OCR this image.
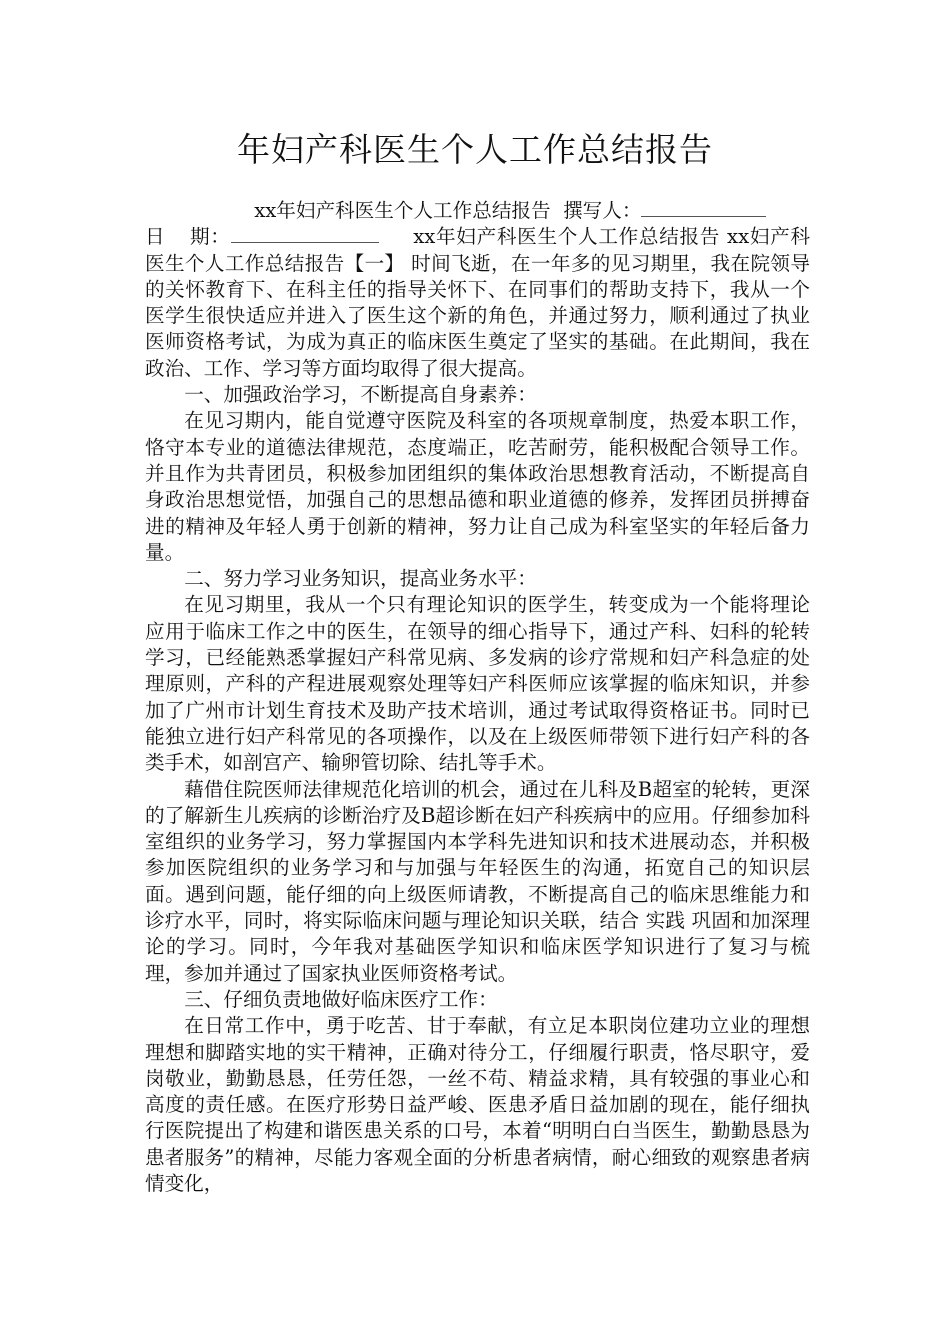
年妇产科医生个人工作总结报告

xx年妇产科医生个人工作总结报告 撰写人：
日 期：	xx年妇产科医生个人工作总结报告 xx妇产科医生个人工作总结报告【一】 时间飞逝，在一年多的见习期里，我在院领导的关怀教育下、在科主任的指导关怀下、在同事们的帮助支持下，我从一个医学生很快适应并进入了医生这个新的角色，并通过努力，顺利通过了执业医师资格考试，为成为真正的临床医生奠定了坚实的基础。在此期间，我在政治、工作、学习等方面均取得了很大提高。

一、加强政治学习，不断提高自身素养：

在见习期内，能自觉遵守医院及科室的各项规章制度，热爱本职工作，恪守本专业的道德法律规范，态度端正，吃苦耐劳，能积极配合领导工作。并且作为共青团员，积极参加团组织的集体政治思想教育活动，不断提高自身政治思想觉悟，加强自己的思想品德和职业道德的修养，发挥团员拼搏奋进的精神及年轻人勇于创新的精神，努力让自己成为科室坚实的年轻后备力量。

二、努力学习业务知识，提高业务水平：

在见习期里，我从一个只有理论知识的医学生，转变成为一个能将理论应用于临床工作之中的医生，在领导的细心指导下，通过产科、妇科的轮转学习，已经能熟悉掌握妇产科常见病、多发病的诊疗常规和妇产科急症的处理原则，产科的产程进展观察处理等妇产科医师应该掌握的临床知识，并参加了广州市计划生育技术及助产技术培训，通过考试取得资格证书。同时已能独立进行妇产科常见的各项操作，以及在上级医师带领下进行妇产科的各类手术，如剖宫产、输卵管切除、结扎等手术。

藉借住院医师法律规范化培训的机会，通过在儿科及B超室的轮转，更深的了解新生儿疾病的诊断治疗及B超诊断在妇产科疾病中的应用。仔细参加科室组织的业务学习，努力掌握国内本学科先进知识和技术进展动态，并积极参加医院组织的业务学习和与加强与年轻医生的沟通，拓宽自己的知识层面。遇到问题，能仔细的向上级医师请教，不断提高自己的临床思维能力和诊疗水平，同时，将实际临床问题与理论知识关联，结合 实践 巩固和加深理论的学习。同时，今年我对基础医学知识和临床医学知识进行了复习与梳理，参加并通过了国家执业医师资格考试。

三、仔细负责地做好临床医疗工作：

在日常工作中，勇于吃苦、甘于奉献，有立足本职岗位建功立业的理想理想和脚踏实地的实干精神，正确对待分工，仔细履行职责，恪尽职守，爱岗敬业，勤勤恳恳，任劳任怨，一丝不苟、精益求精，具有较强的事业心和高度的责任感。在医疗形势日益严峻、医患矛盾日益加剧的现在，能仔细执行医院提出了构建和谐医患关系的口号，本着“明明白白当医生，勤勤恳恳为患者服务”的精神，尽能力客观全面的分析患者病情，耐心细致的观察患者病情变化，
